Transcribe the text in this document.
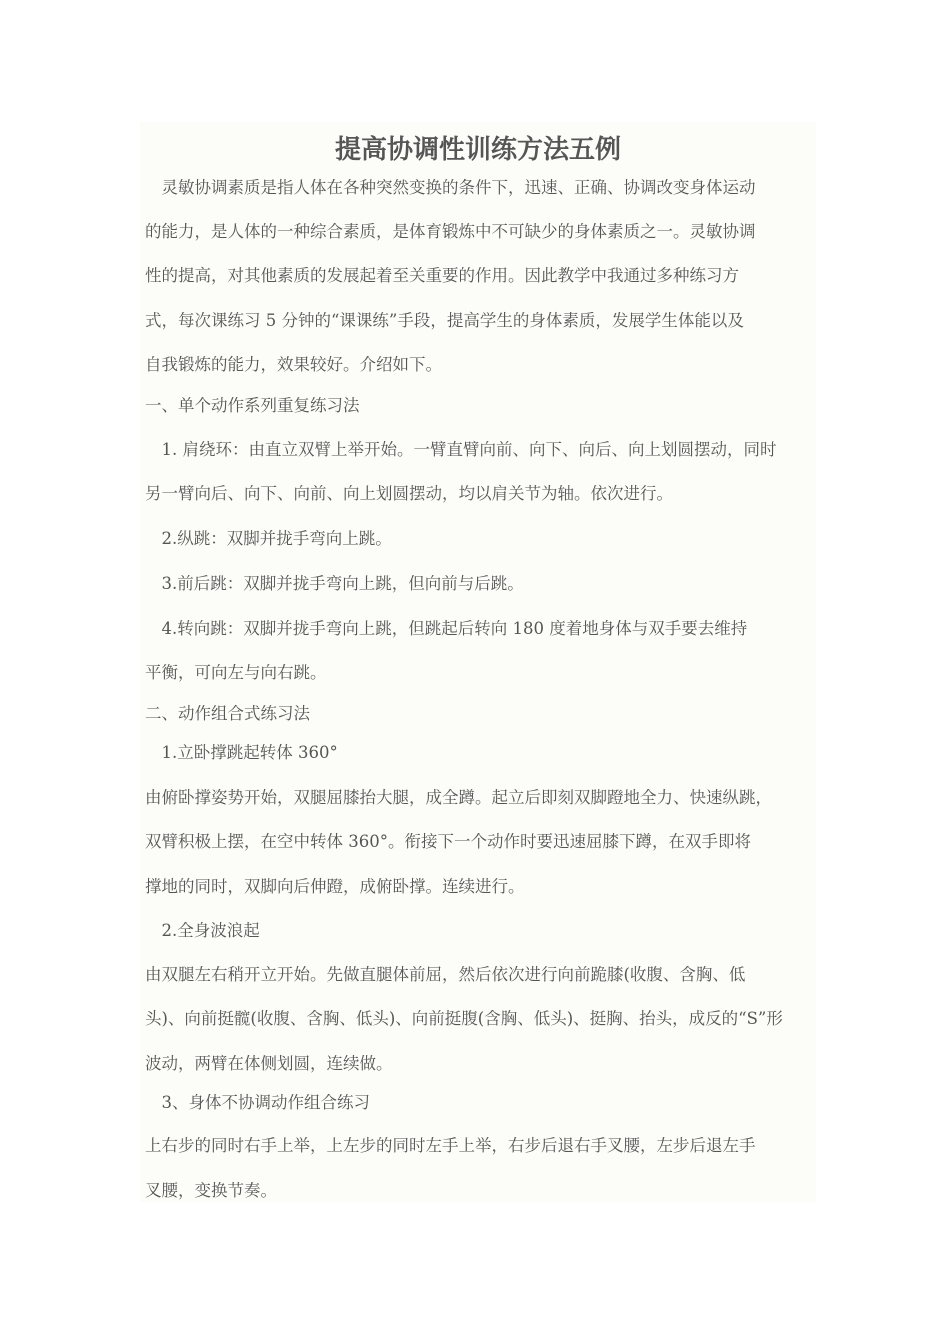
提高协调性训练方法五例
　灵敏协调素质是指人体在各种突然变换的条件下，迅速、正确、协调改变身体运动
的能力，是人体的一种综合素质，是体育锻炼中不可缺少的身体素质之一。灵敏协调
性的提高，对其他素质的发展起着至关重要的作用。因此教学中我通过多种练习方
式，每次课练习 5 分钟的“课课练”手段，提高学生的身体素质，发展学生体能以及
自我锻炼的能力，效果较好。介绍如下。
一、单个动作系列重复练习法
　1. 肩绕环：由直立双臂上举开始。一臂直臂向前、向下、向后、向上划圆摆动，同时
另一臂向后、向下、向前、向上划圆摆动，均以肩关节为轴。依次进行。
　2.纵跳：双脚并拢手弯向上跳。
　3.前后跳：双脚并拢手弯向上跳，但向前与后跳。
　4.转向跳：双脚并拢手弯向上跳，但跳起后转向 180 度着地身体与双手要去维持
平衡，可向左与向右跳。
二、动作组合式练习法
　1.立卧撑跳起转体 360°
由俯卧撑姿势开始，双腿屈膝抬大腿，成全蹲。起立后即刻双脚蹬地全力、快速纵跳，
双臂积极上摆，在空中转体 360°。衔接下一个动作时要迅速屈膝下蹲，在双手即将
撑地的同时，双脚向后伸蹬，成俯卧撑。连续进行。
　2.全身波浪起
由双腿左右稍开立开始。先做直腿体前屈，然后依次进行向前跪膝(收腹、含胸、低
头)、向前挺髋(收腹、含胸、低头)、向前挺腹(含胸、低头)、挺胸、抬头，成反的“S”形
波动，两臂在体侧划圆，连续做。
　3、身体不协调动作组合练习
上右步的同时右手上举，上左步的同时左手上举，右步后退右手叉腰，左步后退左手
叉腰，变换节奏。
